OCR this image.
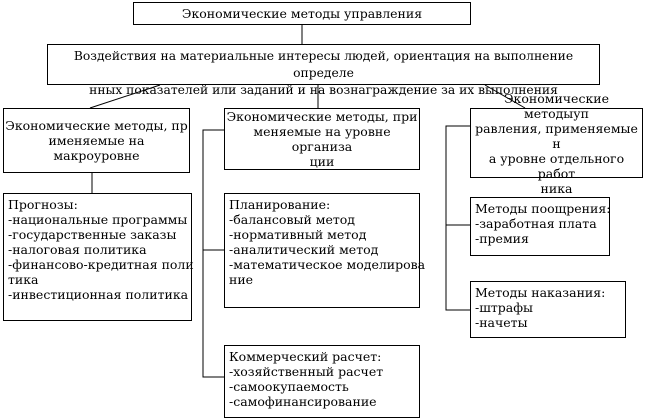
Экономические методы управления
Воздействия на материальные интересы людей, ориентация на выполнение определе
нных показателей или заданий и на вознаграждение за их выполнения
Экономические методы, пр
именяемые на макроуровне
Прогнозы:
-национальные программы
-государственные заказы
-налоговая политика
-финансово-кредитная поли
тика
-инвестиционная политика
Экономические методы, при
меняемые на уровне организа
ции
Планирование:
-балансовый метод
-нормативный метод
-аналитический метод
-математическое моделирова
ние
Коммерческий расчет:
-хозяйственный расчет
-самоокупаемость
-самофинансирование
Экономические методыуп
равления, применяемые н
а уровне отдельного работ
ника
Методы поощрения:
-заработная плата
-премия
Методы наказания:
-штрафы
-начеты
